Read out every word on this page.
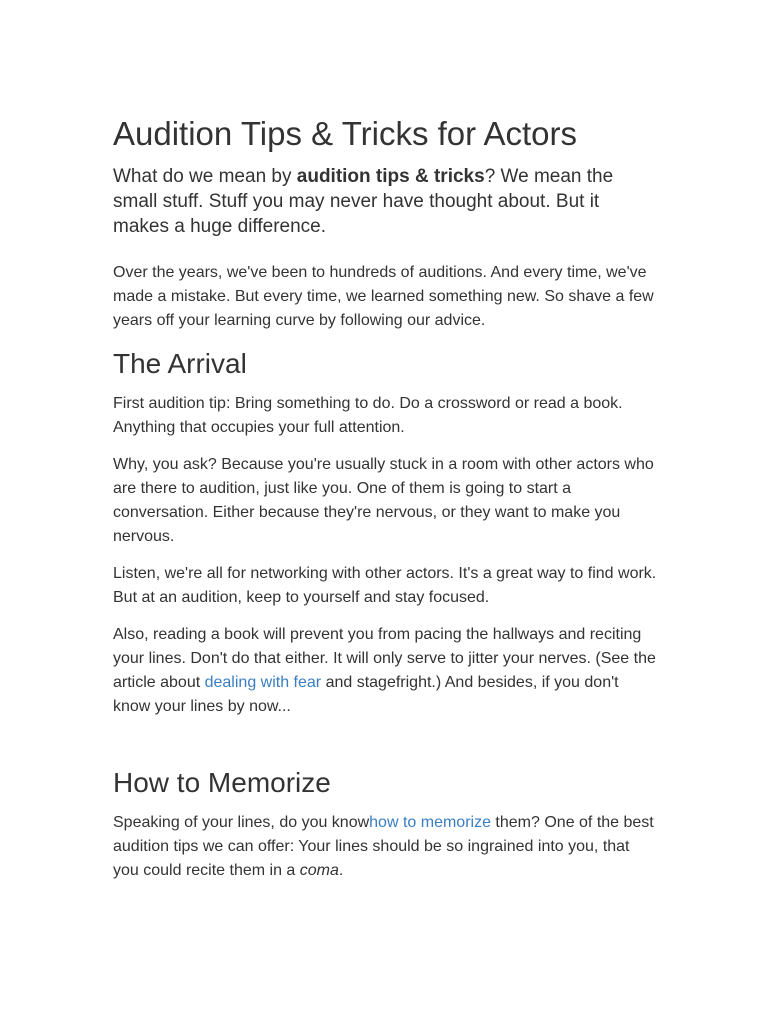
Audition Tips & Tricks for Actors
What do we mean by audition tips & tricks? We mean the small stuff. Stuff you may never have thought about. But it makes a huge difference.

Over the years, we've been to hundreds of auditions. And every time, we've made a mistake. But every time, we learned something new. So shave a few years off your learning curve by following our advice.

The Arrival

First audition tip: Bring something to do. Do a crossword or read a book. Anything that occupies your full attention.

Why, you ask? Because you're usually stuck in a room with other actors who are there to audition, just like you. One of them is going to start a conversation. Either because they're nervous, or they want to make you nervous.

Listen, we're all for networking with other actors. It's a great way to find work. But at an audition, keep to yourself and stay focused.

Also, reading a book will prevent you from pacing the hallways and reciting your lines. Don't do that either. It will only serve to jitter your nerves. (See the article about dealing with fear and stagefright.) And besides, if you don't know your lines by now...

How to Memorize

Speaking of your lines, do you knowhow to memorize them? One of the best audition tips we can offer: Your lines should be so ingrained into you, that you could recite them in a coma.
